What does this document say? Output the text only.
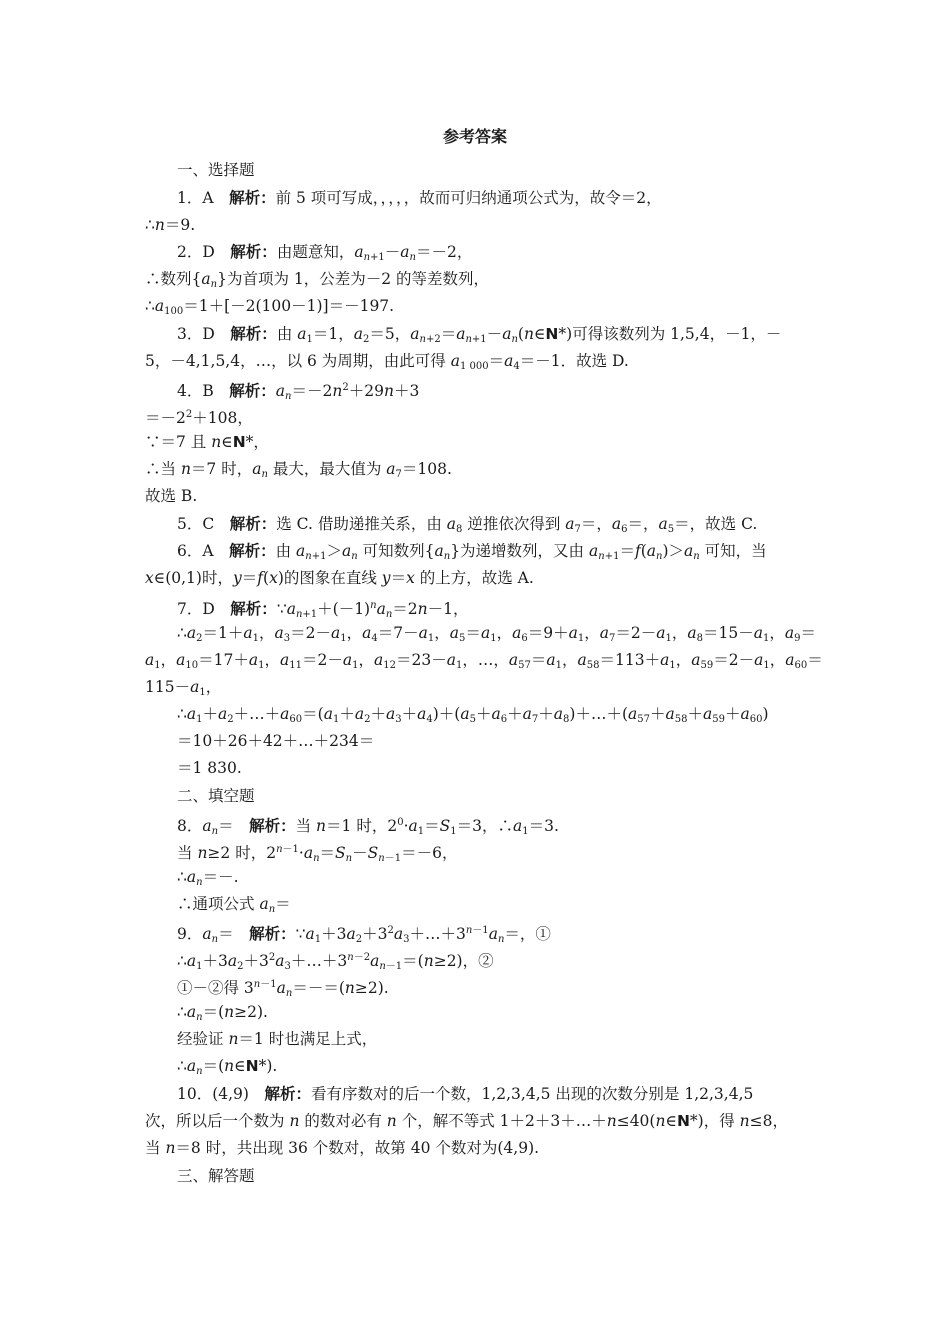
参考答案
一、选择题
1．A　解析：前 5 项可写成，，，，，故而可归纳通项公式为，故令＝2，
∴n＝9.
2．D　解析：由题意知，$a_{n+1}-a_n=-2$，
∴数列$\{a_n\}$为首项为 1，公差为－2 的等差数列，
$\therefore a_{100}=1+[-2(100-1)]=-197$.
3．D　解析：由 $a_1=1$，$a_2=5$，$a_{n+2}=a_{n+1}-a_n(n\in N*)$可得该数列为 1,5,4，－1，－
5，－4,1,5,4，…，以 6 为周期，由此可得 $a_{1 000}=a_4=-1$．故选 D.
4．B　解析：$a_n=-2n^2+29n+3$
$=-2^2+108$，
∵＝7 且 n∈N*，
∴当 n＝7 时，$a_n$ 最大，最大值为 $a_7=108$.
故选 B.
5．C　解析：选 C. 借助递推关系，由 $a_8$ 逆推依次得到 $a_7=$，$a_6=$，$a_5=$，故选 C.
6．A　解析：由 $a_{n+1}>a_n$ 可知数列$\{a_n\}$为递增数列，又由 $a_{n+1}=f(a_n)>a_n$ 可知，当
x∈(0,1)时，y＝f(x)的图象在直线 y＝x 的上方，故选 A.
7．D　解析：$\because a_{n+1}+(-1)^na_n=2n-1$，
$\therefore a_2=1+a_1$，$a_3=2-a_1$，$a_4=7-a_1$，$a_5=a_1$，$a_6=9+a_1$，$a_7=2-a_1$，$a_8=15-a_1$，$a_9=$
$a_1$，$a_{10}=17+a_1$，$a_{11}=2-a_1$，$a_{12}=23-a_1$，…，$a_{57}=a_1$，$a_{58}=113+a_1$，$a_{59}=2-a_1$，$a_{60}=$
$115-a_1$，
$\therefore a_1+a_2+\dots+a_{60}=(a_1+a_2+a_3+a_4)+(a_5+a_6+a_7+a_8)+\dots+(a_{57}+a_{58}+a_{59}+a_{60})$
＝10＋26＋42＋…＋234＝
＝1 830.
二、填空题
8．$a_n=$　解析：当 n＝1 时，$2^0\cdot a_1=S_1=3$，$\therefore a_1=3$.
当 n≥2 时，$2^{n-1}\cdot a_n=S_n-S_{n-1}=-6$，
$\therefore a_n=-$.
∴通项公式 $a_n=$
9．$a_n=$　解析：$\because a_1+3a_2+3^2a_3+\dots+3^{n-1}a_n=$，①
$\therefore a_1+3a_2+3^2a_3+\dots+3^{n-2}a_{n-1}=(n\ge 2)$，②
①－②得 $3^{n-1}a_n=-=(n\ge 2)$.
$\therefore a_n=(n\ge 2)$.
经验证 n＝1 时也满足上式，
$\therefore a_n=(n\in N*)$.
10．(4,9)　解析：看有序数对的后一个数，1,2,3,4,5 出现的次数分别是 1,2,3,4,5
次，所以后一个数为 n 的数对必有 n 个，解不等式 1＋2＋3＋…＋n≤40(n∈N*)，得 n≤8，
当 n＝8 时，共出现 36 个数对，故第 40 个数对为(4,9).
三、解答题
